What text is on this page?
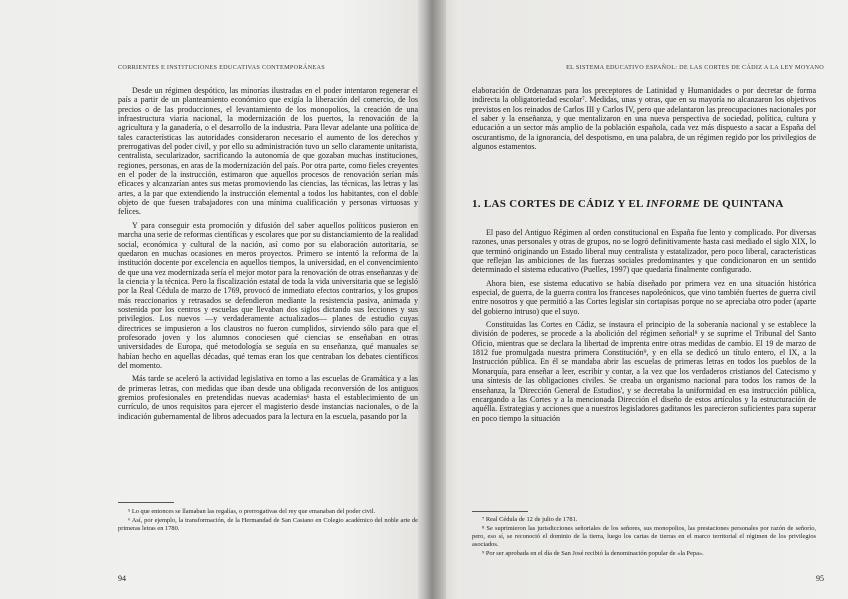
CORRIENTES E INSTITUCIONES EDUCATIVAS CONTEMPORÁNEAS

Desde un régimen despótico, las minorías ilustradas en el poder intentaron regenerar el país a partir de un planteamiento económico que exigía la liberación del comercio, de los precios o de las producciones, el levantamiento de los monopolios, la creación de una infraestructura viaria nacional, la modernización de los puertos, la renovación de la agricultura y la ganadería, o el desarrollo de la industria. Para llevar adelante una política de tales características las autoridades consideraron necesario el aumento de los derechos y prerrogativas del poder civil, y por ello su administración tuvo un sello claramente unitarista, centralista, secularizador, sacrificando la autonomía de que gozaban muchas instituciones, regiones, personas, en aras de la modernización del país. Por otra parte, como fieles creyentes en el poder de la instrucción, estimaron que aquellos procesos de renovación serían más eficaces y alcanzarían antes sus metas promoviendo las ciencias, las técnicas, las letras y las artes, a la par que extendiendo la instrucción elemental a todos los habitantes, con el doble objeto de que fuesen trabajadores con una mínima cualificación y personas virtuosas y felices.

Y para conseguir esta promoción y difusión del saber aquellos políticos pusieron en marcha una serie de reformas científicas y escolares que por su distanciamiento de la realidad social, económica y cultural de la nación, así como por su elaboración autoritaria, se quedaron en muchas ocasiones en meros proyectos. Primero se intentó la reforma de la institución docente por excelencia en aquellos tiempos, la universidad, en el convencimiento de que una vez modernizada sería el mejor motor para la renovación de otras enseñanzas y de la ciencia y la técnica. Pero la fiscalización estatal de toda la vida universitaria que se legisló por la Real Cédula de marzo de 1769, provocó de inmediato efectos contrarios, y los grupos más reaccionarios y retrasados se defendieron mediante la resistencia pasiva, animada y sostenida por los centros y escuelas que llevaban dos siglos dictando sus lecciones y sus privilegios. Los nuevos —y verdaderamente actualizados— planes de estudio cuyas directrices se impusieron a los claustros no fueron cumplidos, sirviendo sólo para que el profesorado joven y los alumnos conociesen qué ciencias se enseñaban en otras universidades de Europa, qué metodología se seguía en su enseñanza, qué manuales se habían hecho en aquellas décadas, qué temas eran los que centraban los debates científicos del momento.

Más tarde se aceleró la actividad legislativa en torno a las escuelas de Gramática y a las de primeras letras, con medidas que iban desde una obligada reconversión de los antiguos gremios profesionales en pretendidas nuevas academias⁶ hasta el establecimiento de un currículo, de unos requisitos para ejercer el magisterio desde instancias nacionales, o de la indicación gubernamental de libros adecuados para la lectura en la escuela, pasando por la

⁵ Lo que entonces se llamaban las regalías, o prerrogativas del rey que emanaban del poder civil.

⁶ Así, por ejemplo, la transformación, de la Hermandad de San Casiano en Colegio académico del noble arte de primeras letras en 1780.

94
EL SISTEMA EDUCATIVO ESPAÑOL: DE LAS CORTES DE CÁDIZ A LA LEY MOYANO

elaboración de Ordenanzas para los preceptores de Latinidad y Humanidades o por decretar de forma indirecta la obligatoriedad escolar⁷. Medidas, unas y otras, que en su mayoría no alcanzaron los objetivos previstos en los reinados de Carlos III y Carlos IV, pero que adelantaron las preocupaciones nacionales por el saber y la enseñanza, y que mentalizaron en una nueva perspectiva de sociedad, política, cultura y educación a un sector más amplio de la población española, cada vez más dispuesto a sacar a España del oscurantismo, de la ignorancia, del despotismo, en una palabra, de un régimen regido por los privilegios de algunos estamentos.

1. LAS CORTES DE CÁDIZ Y EL INFORME DE QUINTANA

El paso del Antiguo Régimen al orden constitucional en España fue lento y complicado. Por diversas razones, unas personales y otras de grupos, no se logró definitivamente hasta casi mediado el siglo XIX, lo que terminó originando un Estado liberal muy centralista y estatalizador, pero poco liberal, características que reflejan las ambiciones de las fuerzas sociales predominantes y que condicionaron en un sentido determinado el sistema educativo (Puelles, 1997) que quedaría finalmente configurado.

Ahora bien, ese sistema educativo se había diseñado por primera vez en una situación histórica especial, de guerra, de la guerra contra los franceses napoleónicos, que vino también fuertes de guerra civil entre nosotros y que permitió a las Cortes legislar sin cortapisas porque no se apreciaba otro poder (aparte del gobierno intruso) que el suyo.

Constituidas las Cortes en Cádiz, se instaura el principio de la soberanía nacional y se establece la división de poderes, se procede a la abolición del régimen señorial⁸ y se suprime el Tribunal del Santo Oficio, mientras que se declara la libertad de imprenta entre otras medidas de cambio. El 19 de marzo de 1812 fue promulgada nuestra primera Constitución⁹, y en ella se dedicó un título entero, el IX, a la Instrucción pública. En él se mandaba abrir las escuelas de primeras letras en todos los pueblos de la Monarquía, para enseñar a leer, escribir y contar, a la vez que los verdaderos cristianos del Catecismo y una síntesis de las obligaciones civiles. Se creaba un organismo nacional para todos los ramos de la enseñanza, la 'Dirección General de Estudios', y se decretaba la uniformidad en esa instrucción pública, encargando a las Cortes y a la mencionada Dirección el diseño de estos artículos y la estructuración de aquélla. Estrategias y acciones que a nuestros legisladores gaditanos les parecieron suficientes para superar en poco tiempo la situación

⁷ Real Cédula de 12 de julio de 1781.

⁸ Se suprimieron las jurisdicciones señoriales de los señores, sus monopolios, las prestaciones personales por razón de señorío, pero, eso sí, se reconoció el dominio de la tierra, luego los cartas de tierras en el marco territorial el régimen de los privilegios asociados.

⁹ Por ser aprobada en el día de San José recibió la denominación popular de «la Pepa».

95
